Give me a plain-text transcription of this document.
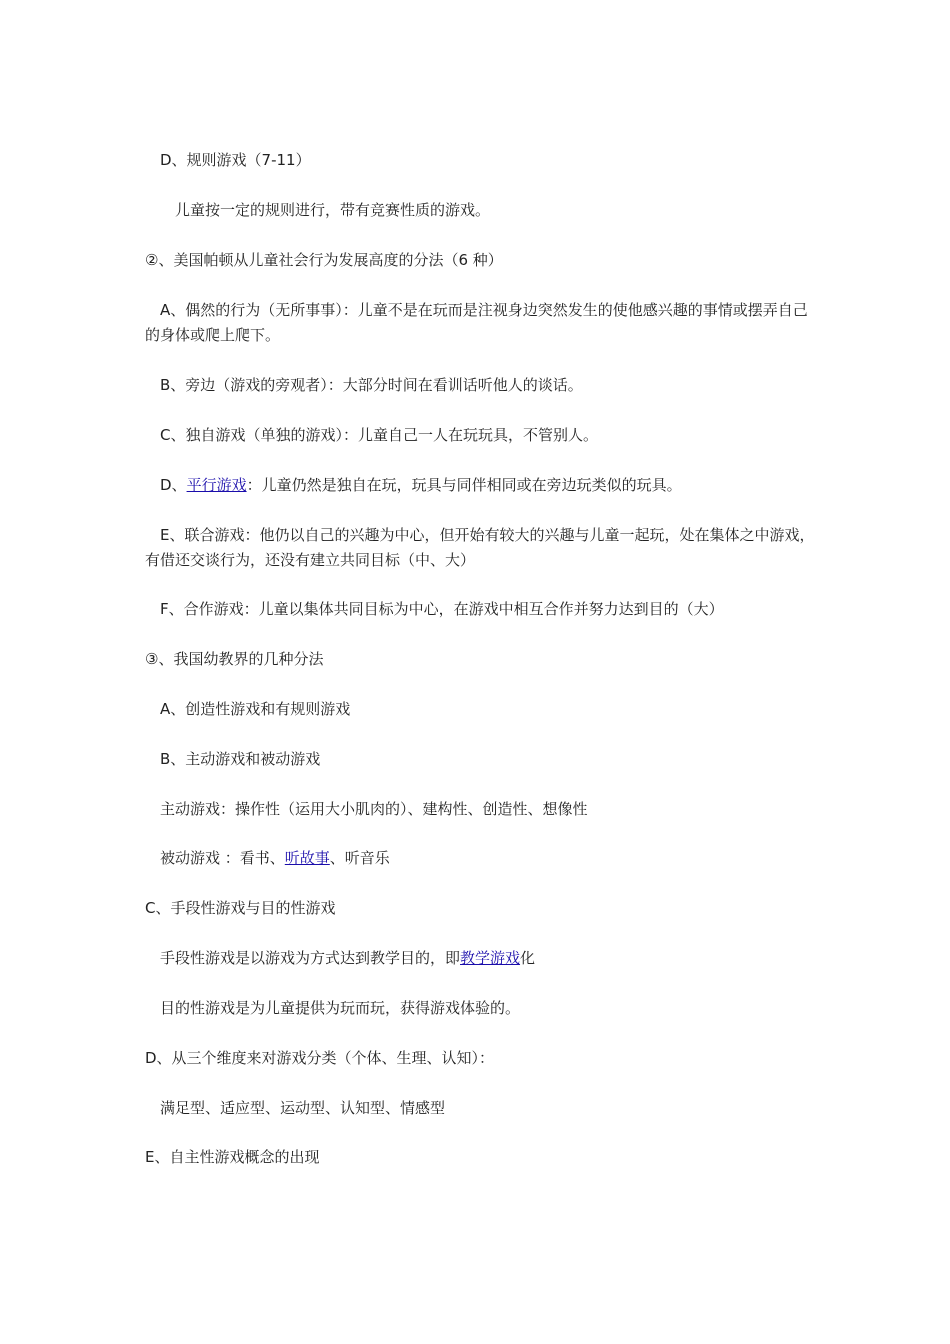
D、规则游戏（7-11）
儿童按一定的规则进行，带有竞赛性质的游戏。
②、美国帕顿从儿童社会行为发展高度的分法（6 种）
A、偶然的行为（无所事事）：儿童不是在玩而是注视身边突然发生的使他感兴趣的事情或摆弄自己的身体或爬上爬下。
B、旁边（游戏的旁观者）：大部分时间在看训话听他人的谈话。
C、独自游戏（单独的游戏）：儿童自己一人在玩玩具，不管别人。
D、平行游戏：儿童仍然是独自在玩，玩具与同伴相同或在旁边玩类似的玩具。
E、联合游戏：他仍以自己的兴趣为中心，但开始有较大的兴趣与儿童一起玩，处在集体之中游戏，有借还交谈行为，还没有建立共同目标（中、大）
F、合作游戏：儿童以集体共同目标为中心，在游戏中相互合作并努力达到目的（大）
③、我国幼教界的几种分法
A、创造性游戏和有规则游戏
B、主动游戏和被动游戏
主动游戏：操作性（运用大小肌肉的）、建构性、创造性、想像性
被动游戏 ：看书、听故事、听音乐
C、手段性游戏与目的性游戏
手段性游戏是以游戏为方式达到教学目的，即教学游戏化
目的性游戏是为儿童提供为玩而玩，获得游戏体验的。
D、从三个维度来对游戏分类（个体、生理、认知）：
满足型、适应型、运动型、认知型、情感型
E、自主性游戏概念的出现
